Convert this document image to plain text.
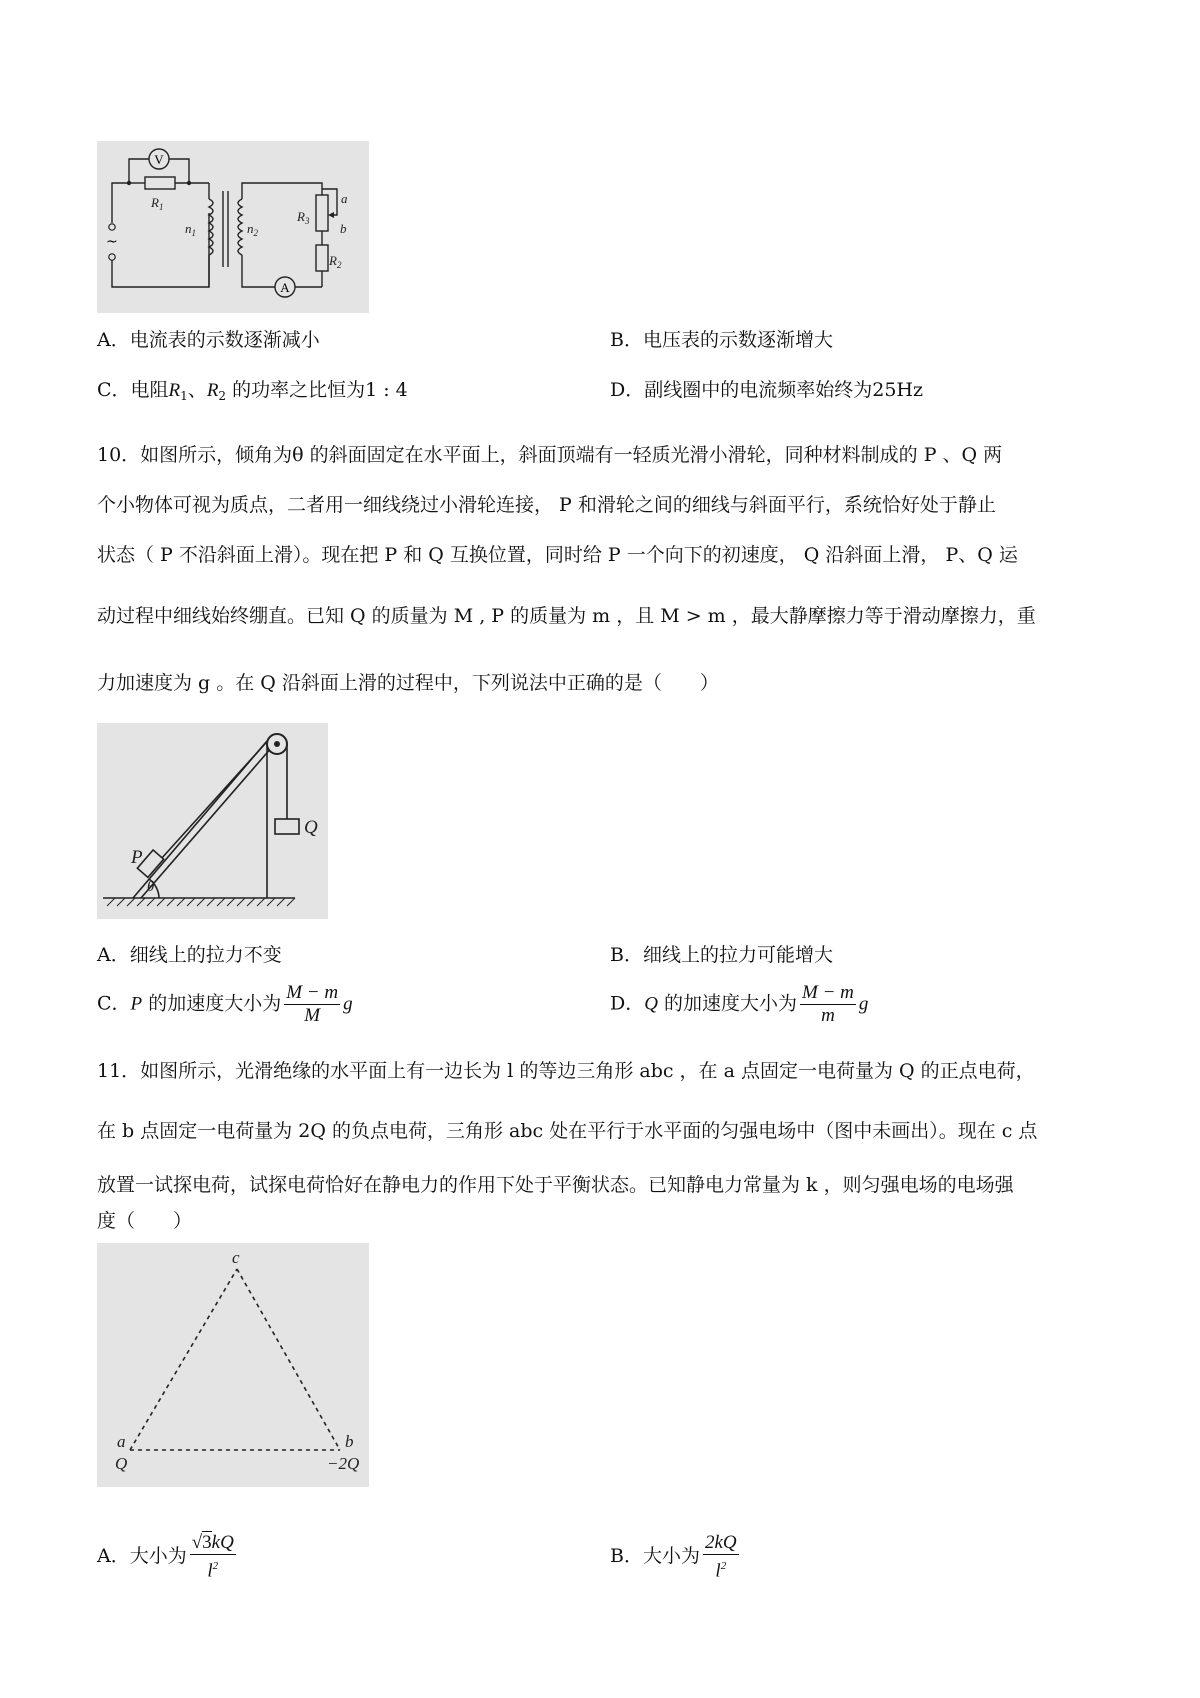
V
A
$R_1$
$n_1$	$n_2$
$R_3$
$R_2$
a
b
~
A．电流表的示数逐渐减小	B．电压表的示数逐渐增大
C．电阻$R_1$、$R_2$ 的功率之比恒为1 : 4	D．副线圈中的电流频率始终为25Hz
10．如图所示，倾角为θ 的斜面固定在水平面上，斜面顶端有一轻质光滑小滑轮，同种材料制成的 P 、Q 两
个小物体可视为质点，二者用一细线绕过小滑轮连接， P 和滑轮之间的细线与斜面平行，系统恰好处于静止
状态（ P 不沿斜面上滑）。现在把 P 和 Q 互换位置，同时给 P 一个向下的初速度， Q 沿斜面上滑， P、Q 运
动过程中细线始终绷直。已知 Q 的质量为 M , P 的质量为 m ，且 M > m ，最大静摩擦力等于滑动摩擦力，重
力加速度为 g 。在 Q 沿斜面上滑的过程中，下列说法中正确的是（　　）
P
Q
θ
A．细线上的拉力不变	B．细线上的拉力可能增大
C．P 的加速度大小为 $\frac{M - m}{M}$ g	D．Q 的加速度大小为 $\frac{M - m}{m}$ g
11．如图所示，光滑绝缘的水平面上有一边长为 l 的等边三角形 abc ，在 a 点固定一电荷量为 Q 的正点电荷，
在 b 点固定一电荷量为 2Q 的负点电荷，三角形 abc 处在平行于水平面的匀强电场中（图中未画出）。现在 c 点
放置一试探电荷，试探电荷恰好在静电力的作用下处于平衡状态。已知静电力常量为 k ，则匀强电场的电场强
度（　　）
c
a	b
Q	−2Q
A．大小为 $\frac{√3kQ}{l^2}$	B．大小为 $\frac{2kQ}{l^2}$
